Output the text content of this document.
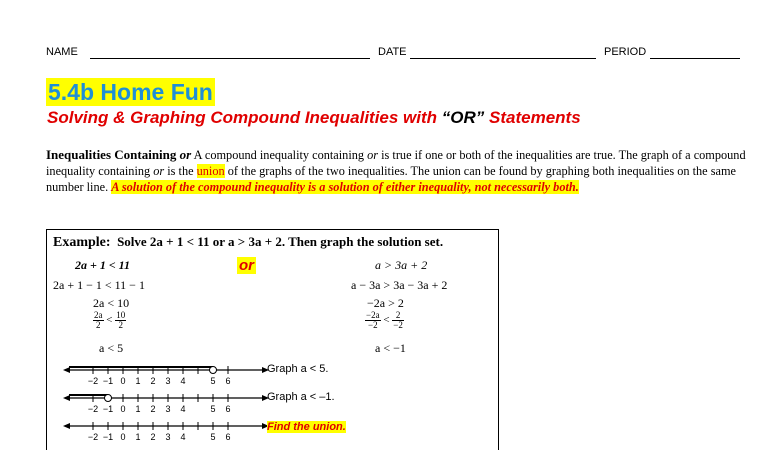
NAME	DATE	PERIOD
5.4b Home Fun
Solving & Graphing Compound Inequalities with “OR” Statements
Inequalities Containing or A compound inequality containing or is true if one or both of the inequalities are true. The graph of a compound inequality containing or is the union of the graphs of the two inequalities. The union can be found by graphing both inequalities on the same number line. A solution of the compound inequality is a solution of either inequality, not necessarily both.
Example: Solve 2a + 1 < 11 or a > 3a + 2. Then graph the solution set.
2a + 1 < 11
2a + 1 − 1 < 11 − 1
2a < 10
$\frac{2a}{2} < \frac{10}{2}$
a < 5
or	a > 3a + 2
a − 3a > 3a − 3a + 2
−2a > 2
$\frac{-2a}{-2} < \frac{2}{-2}$
a < −1
−2 −1 0 1 2 3 4	5 6
−2 −1 0 1 2 3 4	5 6
−2 −1 0 1 2 3 4	5 6
Graph a < 5.
Graph a < –1.
Find the union.
